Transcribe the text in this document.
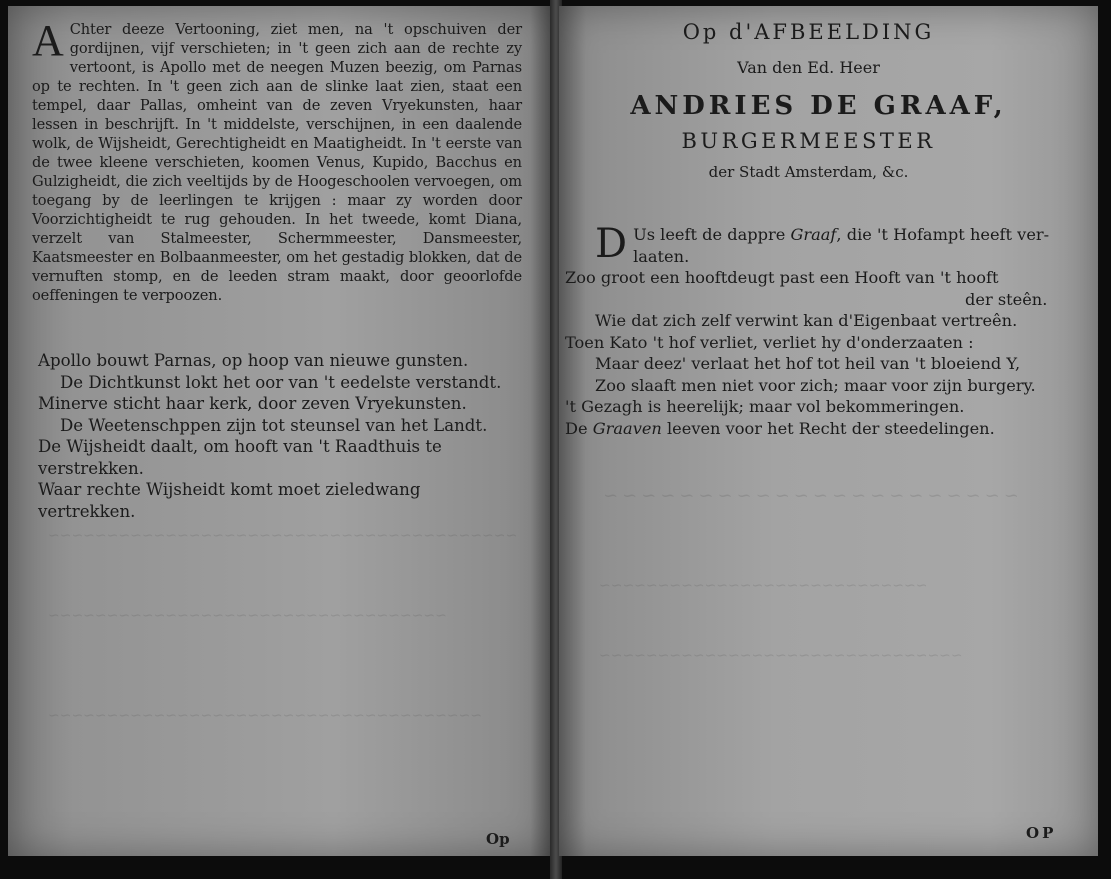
~~~~~~~~~~~~~~~~~~~~~~~~~~~~~~~~~~~~~~~~
~~~~~~~~~~~~~~~~~~~~~~~~~~~~~~~~~~
~~~~~~~~~~~~~~~~~~~~~~~~~~~~~~~~~~~~~
A Chter deeze Vertooning, ziet men, na 't opschuiven der gordijnen, vijf verschieten; in 't geen zich aan de rechte zy vertoont, is Apollo met de neegen Muzen beezig, om Parnas op te rechten. In 't geen zich aan de slinke laat zien, staat een tempel, daar Pallas, omheint van de zeven Vryekunsten, haar lessen in beschrijft. In 't middelste, verschijnen, in een daalende wolk, de Wijsheidt, Gerechtigheidt en Maatigheidt. In 't eerste van de twee kleene verschieten, koomen Venus, Kupido, Bacchus en Gulzigheidt, die zich veeltijds by de Hoogeschoolen vervoegen, om toegang by de leerlingen te krijgen : maar zy worden door Voorzichtigheidt te rug gehouden. In het tweede, komt Diana, verzelt van Stalmeester, Schermmeester, Dansmeester, Kaatsmeester en Bolbaanmeester, om het gestadig blokken, dat de vernuften stomp, en de leeden stram maakt, door geoorlofde oeffeningen te verpoozen.
Apollo bouwt Parnas, op hoop van nieuwe gunsten.
De Dichtkunst lokt het oor van 't eedelste verstandt.
Minerve sticht haar kerk, door zeven Vryekunsten.
De Weetenschppen zijn tot steunsel van het Landt.
De Wijsheidt daalt, om hooft van 't Raadthuis te verstrekken.
Waar rechte Wijsheidt komt moet zieledwang vertrekken.
Op
~~~~~~~~~~~~~~~~~~~~~~
~~~~~~~~~~~~~~~~~~~~~~~~~~~~
~~~~~~~~~~~~~~~~~~~~~~~~~~~~~~~
Op d'AFBEELDING
Van den Ed. Heer
ANDRIES DE GRAAF,
BURGERMEESTER
der Stadt Amsterdam, &c.
D Us leeft de dappre Graaf, die 't Hofampt heeft ver-
laaten.
Zoo groot een hooftdeugt past een Hooft van 't hooft
der steên.
Wie dat zich zelf verwint kan d'Eigenbaat vertreên.
Toen Kato 't hof verliet, verliet hy d'onderzaaten :
Maar deez' verlaat het hof tot heil van 't bloeiend Y,
Zoo slaaft men niet voor zich; maar voor zijn burgery.
't Gezagh is heerelijk; maar vol bekommeringen.
De Graaven leeven voor het Recht der steedelingen.
OP
